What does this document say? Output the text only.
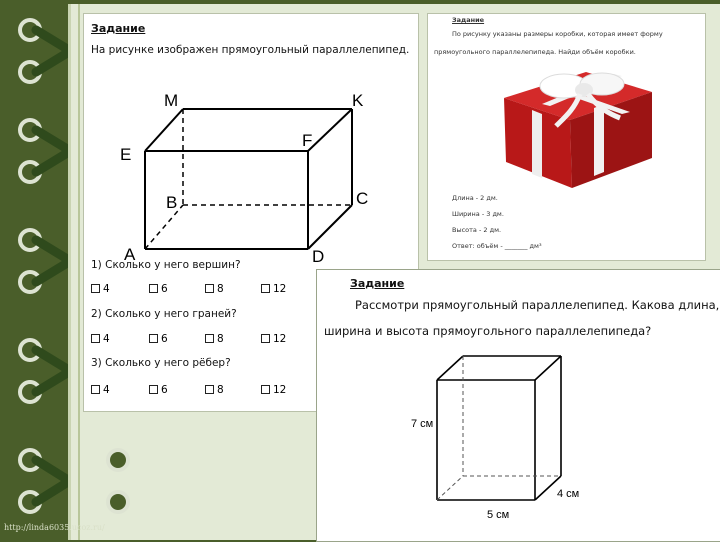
Задание
На рисунке изображен прямоугольный параллелепипед.
M	K
E
F
B	C
A	D
1) Сколько у него вершин?
4	6	8	12
2) Сколько у него граней?
4	6	8	12
3) Сколько у него рёбер?
4	6	8	12
Задание
По рисунку указаны размеры коробки, которая имеет форму
прямоугольного параллелепипеда. Найди объём коробки.
Длина - 2 дм.
Ширина - 3 дм.
Высота - 2 дм.
Ответ: объём - _______ дм³
Задание
Рассмотри прямоугольный параллелепипед. Какова длина,
ширина и высота прямоугольного параллелепипеда?
7 см
4 см
5 см
http://linda6035.ucoz.ru/
